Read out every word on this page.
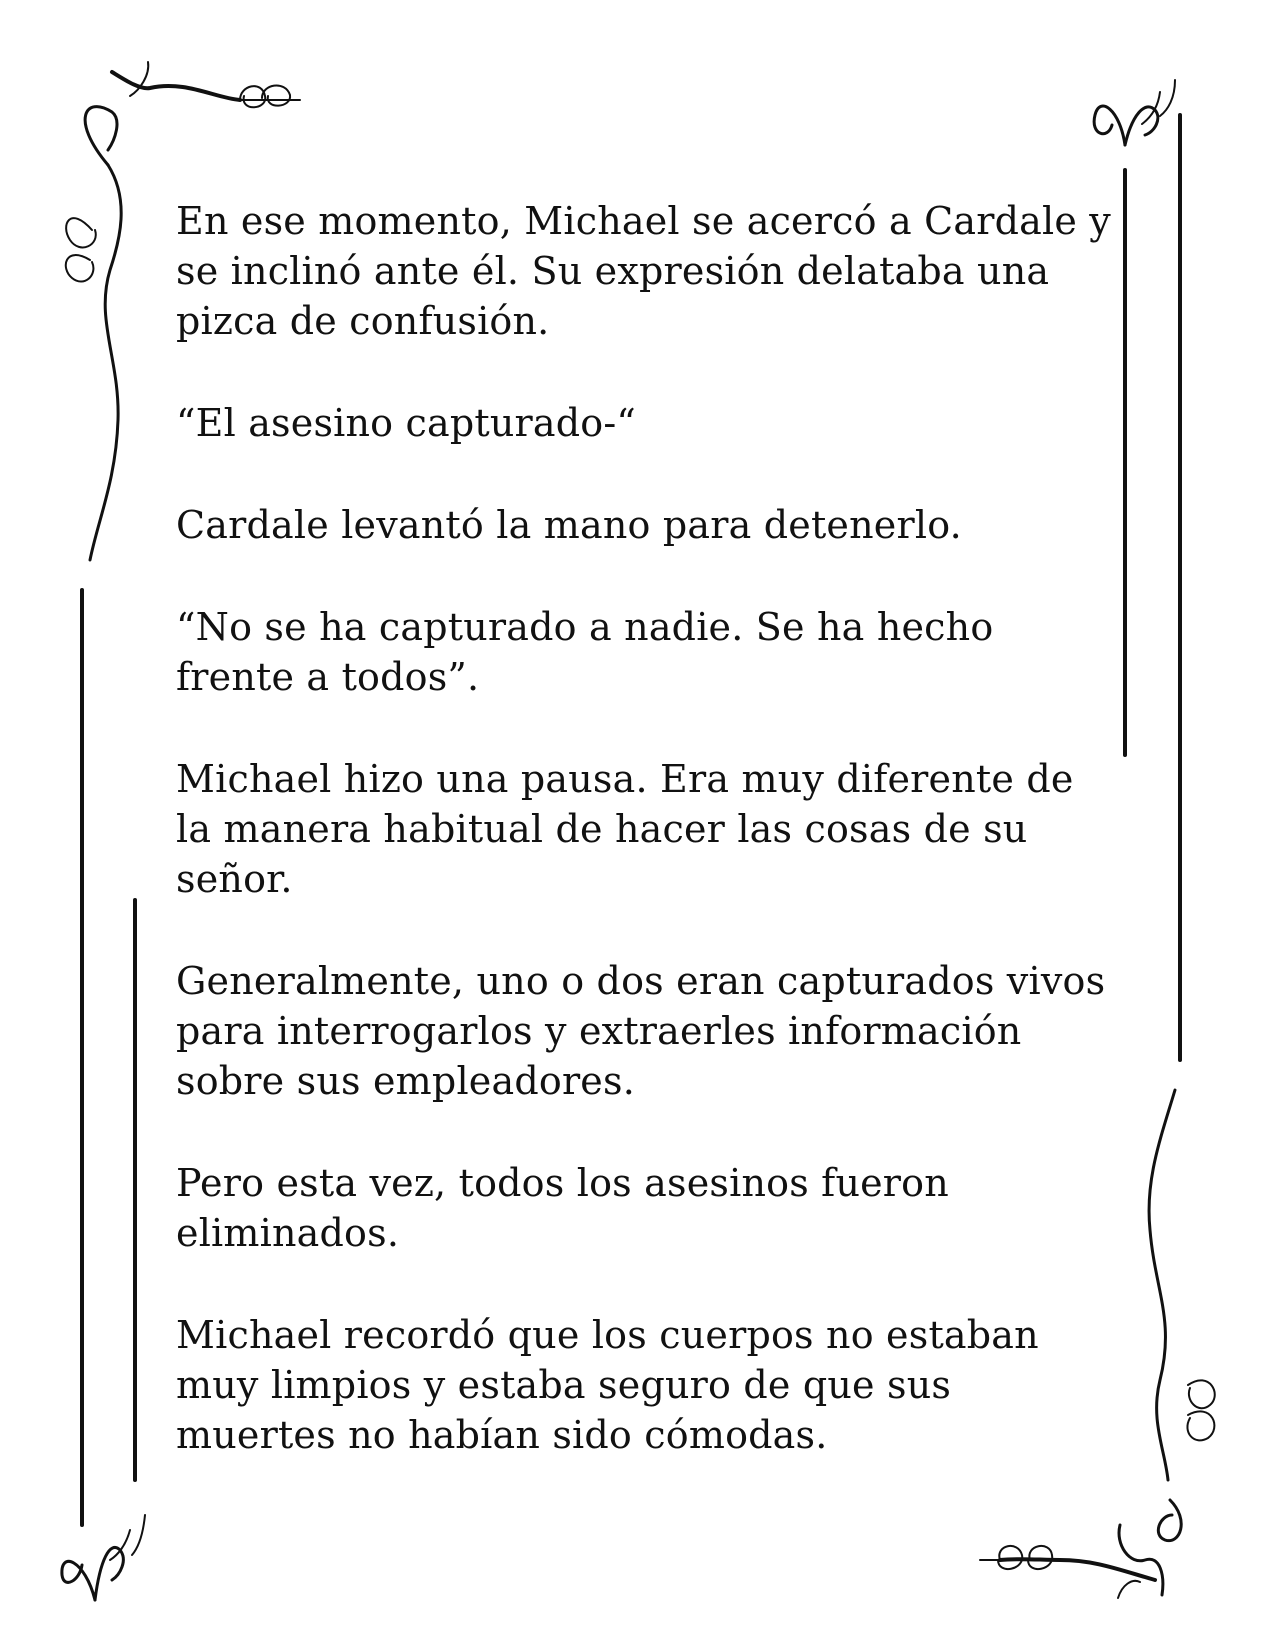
En ese momento, Michael se acercó a Cardale y
se inclinó ante él. Su expresión delataba una
pizca de confusión.

“El asesino capturado-“

Cardale levantó la mano para detenerlo.

“No se ha capturado a nadie. Se ha hecho
frente a todos”.

Michael hizo una pausa. Era muy diferente de
la manera habitual de hacer las cosas de su
señor.

Generalmente, uno o dos eran capturados vivos
para interrogarlos y extraerles información
sobre sus empleadores.

Pero esta vez, todos los asesinos fueron
eliminados.

Michael recordó que los cuerpos no estaban
muy limpios y estaba seguro de que sus
muertes no habían sido cómodas.
